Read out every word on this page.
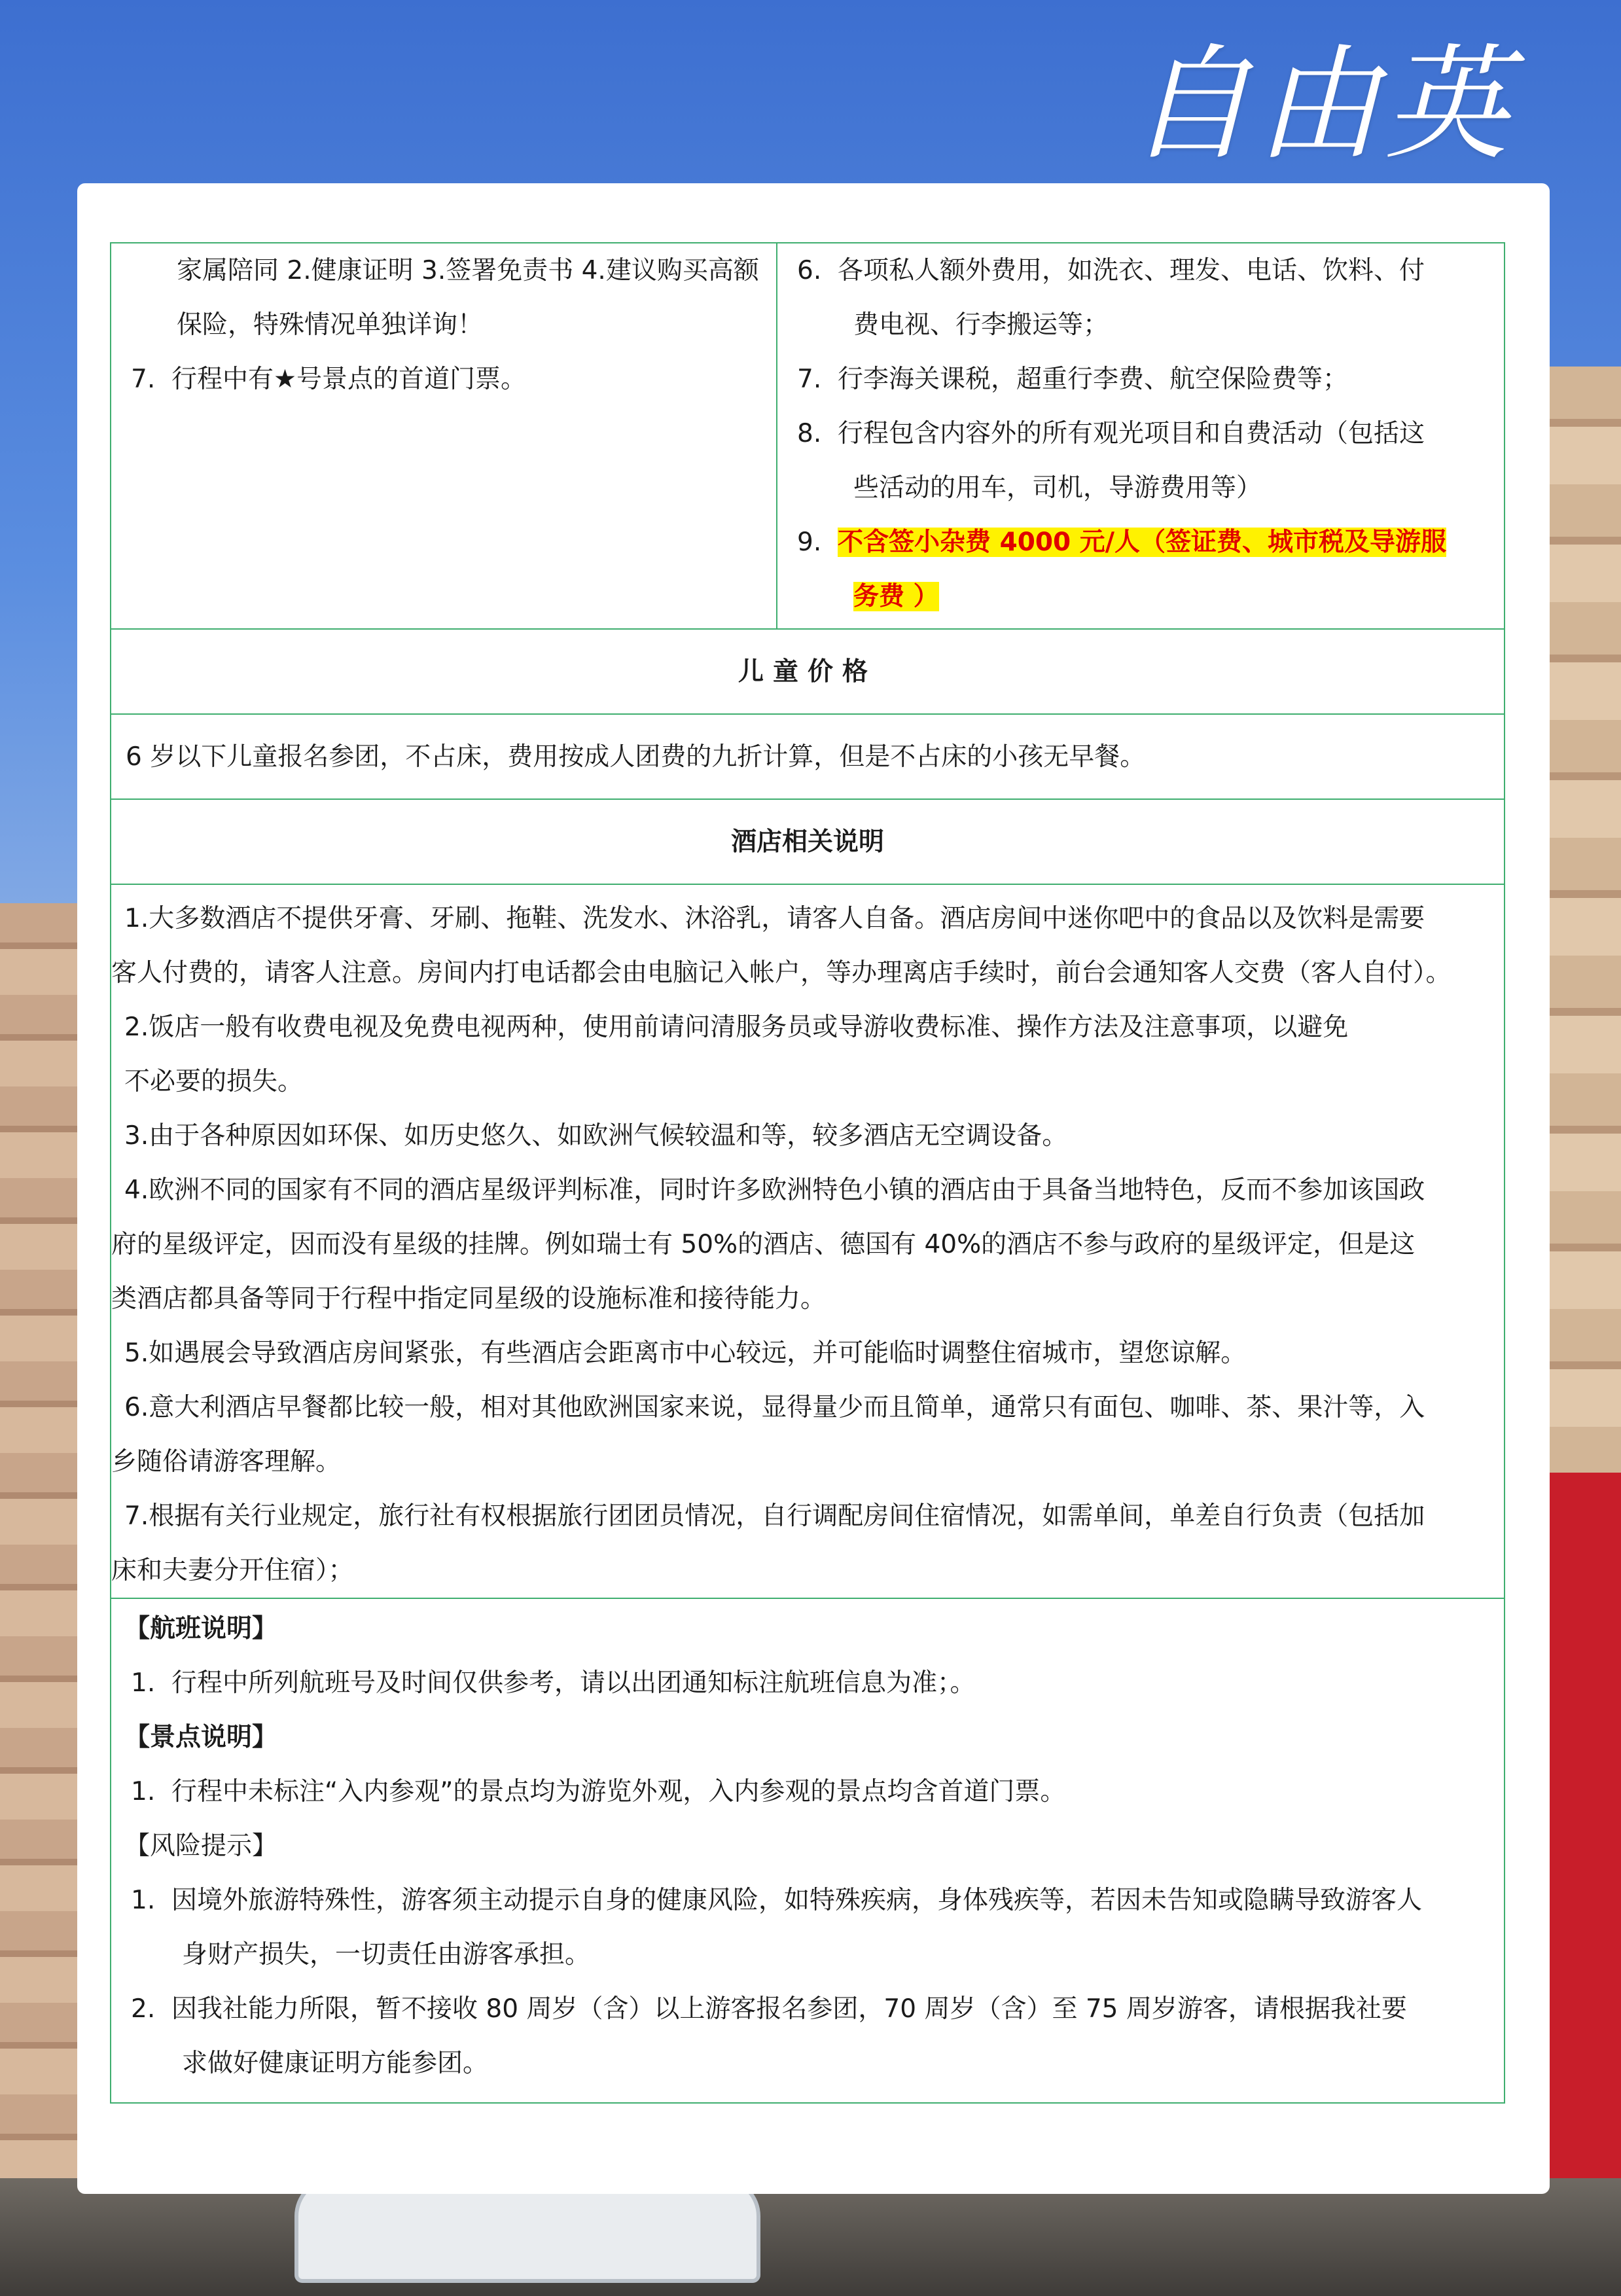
自由英
家属陪同 2.健康证明 3.签署免责书 4.建议购买高额
保险，特殊情况单独详询！
7. 行程中有★号景点的首道门票。
6. 各项私人额外费用，如洗衣、理发、电话、饮料、付
费电视、行李搬运等；
7. 行李海关课税，超重行李费、航空保险费等；
8. 行程包含内容外的所有观光项目和自费活动（包括这
些活动的用车，司机，导游费用等）
9. 不含签小杂费 4000 元/人（签证费、城市税及导游服
务费 ）
儿童价格
6 岁以下儿童报名参团，不占床，费用按成人团费的九折计算，但是不占床的小孩无早餐。
酒店相关说明
1.大多数酒店不提供牙膏、牙刷、拖鞋、洗发水、沐浴乳，请客人自备。酒店房间中迷你吧中的食品以及饮料是需要
客人付费的，请客人注意。房间内打电话都会由电脑记入帐户，等办理离店手续时，前台会通知客人交费（客人自付）。
2.饭店一般有收费电视及免费电视两种，使用前请问清服务员或导游收费标准、操作方法及注意事项，以避免
不必要的损失。
3.由于各种原因如环保、如历史悠久、如欧洲气候较温和等，较多酒店无空调设备。
4.欧洲不同的国家有不同的酒店星级评判标准，同时许多欧洲特色小镇的酒店由于具备当地特色，反而不参加该国政
府的星级评定，因而没有星级的挂牌。例如瑞士有 50%的酒店、德国有 40%的酒店不参与政府的星级评定，但是这
类酒店都具备等同于行程中指定同星级的设施标准和接待能力。
5.如遇展会导致酒店房间紧张，有些酒店会距离市中心较远，并可能临时调整住宿城市，望您谅解。
6.意大利酒店早餐都比较一般，相对其他欧洲国家来说，显得量少而且简单，通常只有面包、咖啡、茶、果汁等，入
乡随俗请游客理解。
7.根据有关行业规定，旅行社有权根据旅行团团员情况，自行调配房间住宿情况，如需单间，单差自行负责（包括加
床和夫妻分开住宿）；
【航班说明】
1. 行程中所列航班号及时间仅供参考，请以出团通知标注航班信息为准；。
【景点说明】
1. 行程中未标注“入内参观”的景点均为游览外观，入内参观的景点均含首道门票。
【风险提示】
1. 因境外旅游特殊性，游客须主动提示自身的健康风险，如特殊疾病，身体残疾等，若因未告知或隐瞒导致游客人
身财产损失，一切责任由游客承担。
2. 因我社能力所限，暂不接收 80 周岁（含）以上游客报名参团，70 周岁（含）至 75 周岁游客，请根据我社要
求做好健康证明方能参团。
